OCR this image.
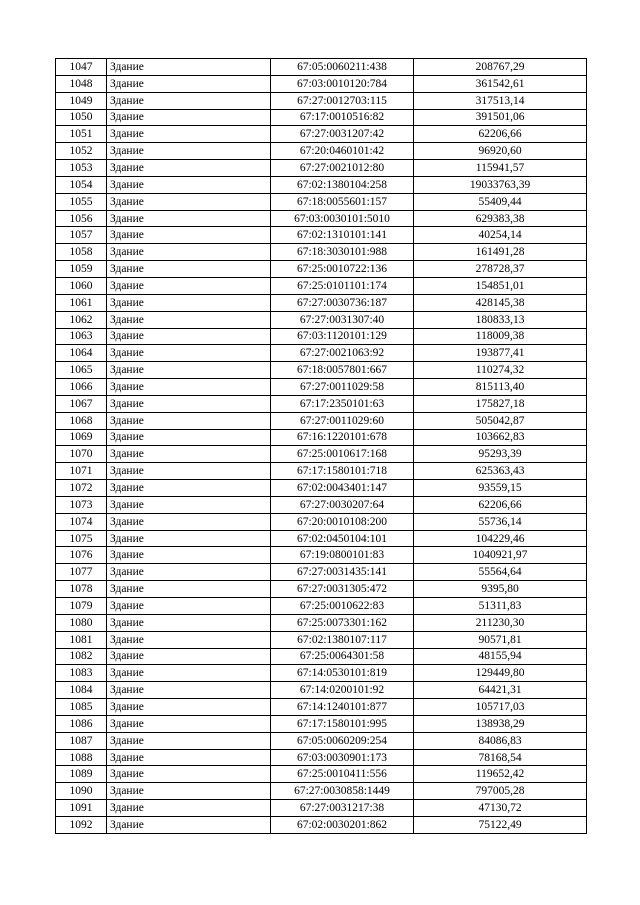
1047	Здание	67:05:0060211:438	208767,29
1048	Здание	67:03:0010120:784	361542,61
1049	Здание	67:27:0012703:115	317513,14
1050	Здание	67:17:0010516:82	391501,06
1051	Здание	67:27:0031207:42	62206,66
1052	Здание	67:20:0460101:42	96920,60
1053	Здание	67:27:0021012:80	115941,57
1054	Здание	67:02:1380104:258	19033763,39
1055	Здание	67:18:0055601:157	55409,44
1056	Здание	67:03:0030101:5010	629383,38
1057	Здание	67:02:1310101:141	40254,14
1058	Здание	67:18:3030101:988	161491,28
1059	Здание	67:25:0010722:136	278728,37
1060	Здание	67:25:0101101:174	154851,01
1061	Здание	67:27:0030736:187	428145,38
1062	Здание	67:27:0031307:40	180833,13
1063	Здание	67:03:1120101:129	118009,38
1064	Здание	67:27:0021063:92	193877,41
1065	Здание	67:18:0057801:667	110274,32
1066	Здание	67:27:0011029:58	815113,40
1067	Здание	67:17:2350101:63	175827,18
1068	Здание	67:27:0011029:60	505042,87
1069	Здание	67:16:1220101:678	103662,83
1070	Здание	67:25:0010617:168	95293,39
1071	Здание	67:17:1580101:718	625363,43
1072	Здание	67:02:0043401:147	93559,15
1073	Здание	67:27:0030207:64	62206,66
1074	Здание	67:20:0010108:200	55736,14
1075	Здание	67:02:0450104:101	104229,46
1076	Здание	67:19:0800101:83	1040921,97
1077	Здание	67:27:0031435:141	55564,64
1078	Здание	67:27:0031305:472	9395,80
1079	Здание	67:25:0010622:83	51311,83
1080	Здание	67:25:0073301:162	211230,30
1081	Здание	67:02:1380107:117	90571,81
1082	Здание	67:25:0064301:58	48155,94
1083	Здание	67:14:0530101:819	129449,80
1084	Здание	67:14:0200101:92	64421,31
1085	Здание	67:14:1240101:877	105717,03
1086	Здание	67:17:1580101:995	138938,29
1087	Здание	67:05:0060209:254	84086,83
1088	Здание	67:03:0030901:173	78168,54
1089	Здание	67:25:0010411:556	119652,42
1090	Здание	67:27:0030858:1449	797005,28
1091	Здание	67:27:0031217:38	47130,72
1092	Здание	67:02:0030201:862	75122,49
